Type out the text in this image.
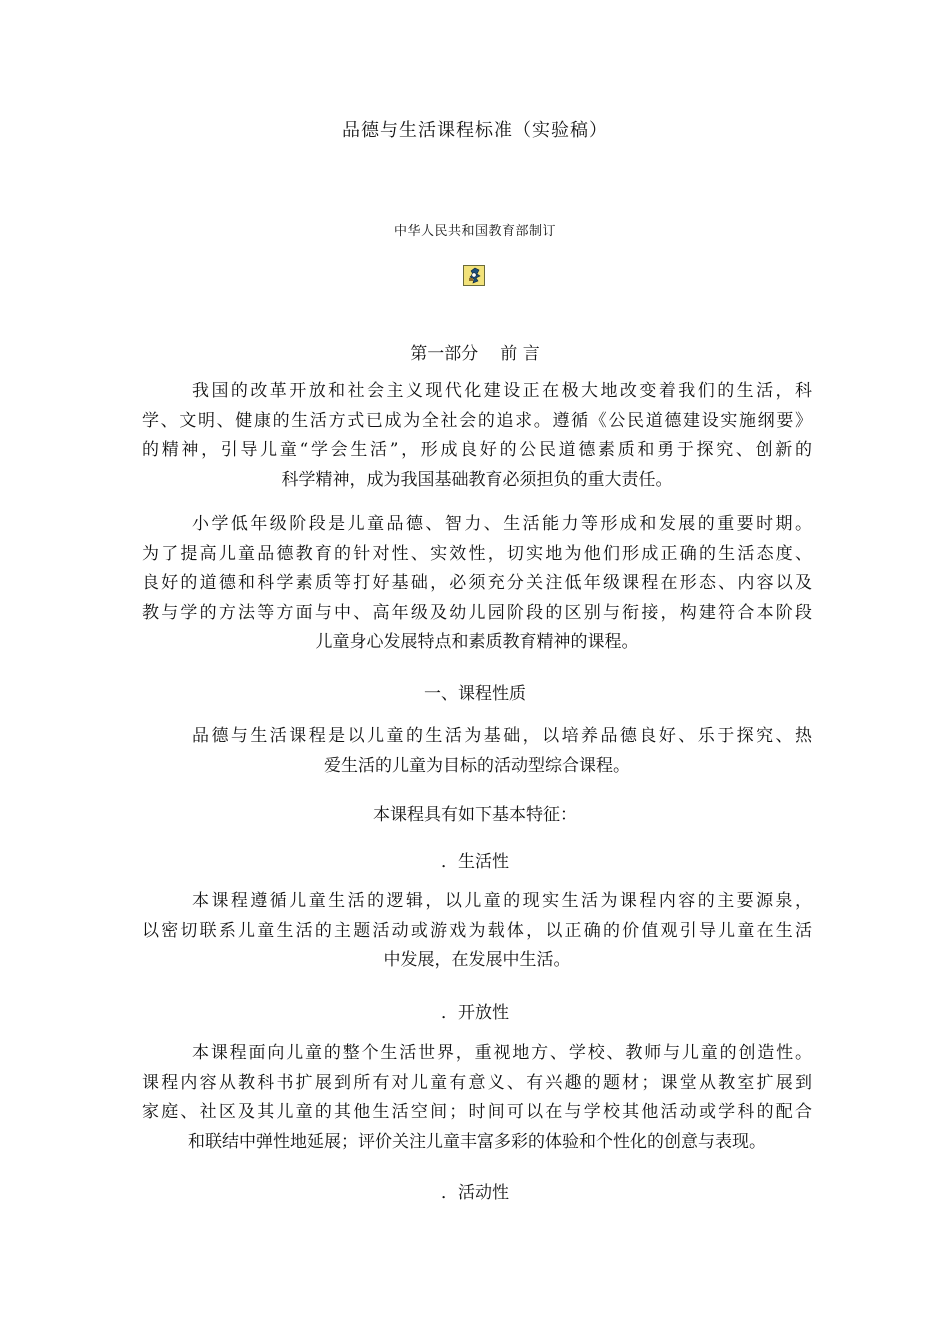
品德与生活课程标准（实验稿）
中华人民共和国教育部制订
第一部分 前 言
我国的改革开放和社会主义现代化建设正在极大地改变着我们的生活，科
学、文明、健康的生活方式已成为全社会的追求。遵循《公民道德建设实施纲要》
的精神，引导儿童“学会生活”，形成良好的公民道德素质和勇于探究、创新的
科学精神，成为我国基础教育必须担负的重大责任。
小学低年级阶段是儿童品德、智力、生活能力等形成和发展的重要时期。
为了提高儿童品德教育的针对性、实效性，切实地为他们形成正确的生活态度、
良好的道德和科学素质等打好基础，必须充分关注低年级课程在形态、内容以及
教与学的方法等方面与中、高年级及幼儿园阶段的区别与衔接，构建符合本阶段
儿童身心发展特点和素质教育精神的课程。
一、课程性质
品德与生活课程是以儿童的生活为基础，以培养品德良好、乐于探究、热
爱生活的儿童为目标的活动型综合课程。
本课程具有如下基本特征：
．生活性
本课程遵循儿童生活的逻辑，以儿童的现实生活为课程内容的主要源泉，
以密切联系儿童生活的主题活动或游戏为载体，以正确的价值观引导儿童在生活
中发展，在发展中生活。
．开放性
本课程面向儿童的整个生活世界，重视地方、学校、教师与儿童的创造性。
课程内容从教科书扩展到所有对儿童有意义、有兴趣的题材；课堂从教室扩展到
家庭、社区及其儿童的其他生活空间；时间可以在与学校其他活动或学科的配合
和联结中弹性地延展；评价关注儿童丰富多彩的体验和个性化的创意与表现。
．活动性
